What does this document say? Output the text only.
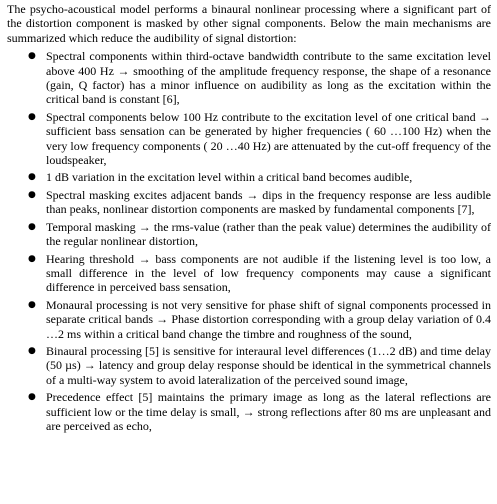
The psycho-acoustical model performs a binaural nonlinear processing where a significant part of the distortion component is masked by other signal components. Below the main mechanisms are summarized which reduce the audibility of signal distortion:

● Spectral components within third-octave bandwidth contribute to the same excitation level above 400 Hz → smoothing of the amplitude frequency response, the shape of a resonance (gain, Q factor) has a minor influence on audibility as long as the excitation within the critical band is constant [6],
● Spectral components below 100 Hz contribute to the excitation level of one critical band → sufficient bass sensation can be generated by higher frequencies ( 60 …100 Hz) when the very low frequency components ( 20 …40 Hz) are attenuated by the cut-off frequency of the loudspeaker,
● 1 dB variation in the excitation level within a critical band becomes audible,
● Spectral masking excites adjacent bands → dips in the frequency response are less audible than peaks, nonlinear distortion components are masked by fundamental components [7],
● Temporal masking → the rms-value (rather than the peak value) determines the audibility of the regular nonlinear distortion,
● Hearing threshold → bass components are not audible if the listening level is too low, a small difference in the level of low frequency components may cause a significant difference in perceived bass sensation,
● Monaural processing is not very sensitive for phase shift of signal components processed in separate critical bands → Phase distortion corresponding with a group delay variation of 0.4 …2 ms within a critical band change the timbre and roughness of the sound,
● Binaural processing [5] is sensitive for interaural level differences (1…2 dB) and time delay (50 µs) → latency and group delay response should be identical in the symmetrical channels of a multi-way system to avoid lateralization of the perceived sound image,
● Precedence effect [5] maintains the primary image as long as the lateral reflections are sufficient low or the time delay is small, → strong reflections after 80 ms are unpleasant and are perceived as echo,
